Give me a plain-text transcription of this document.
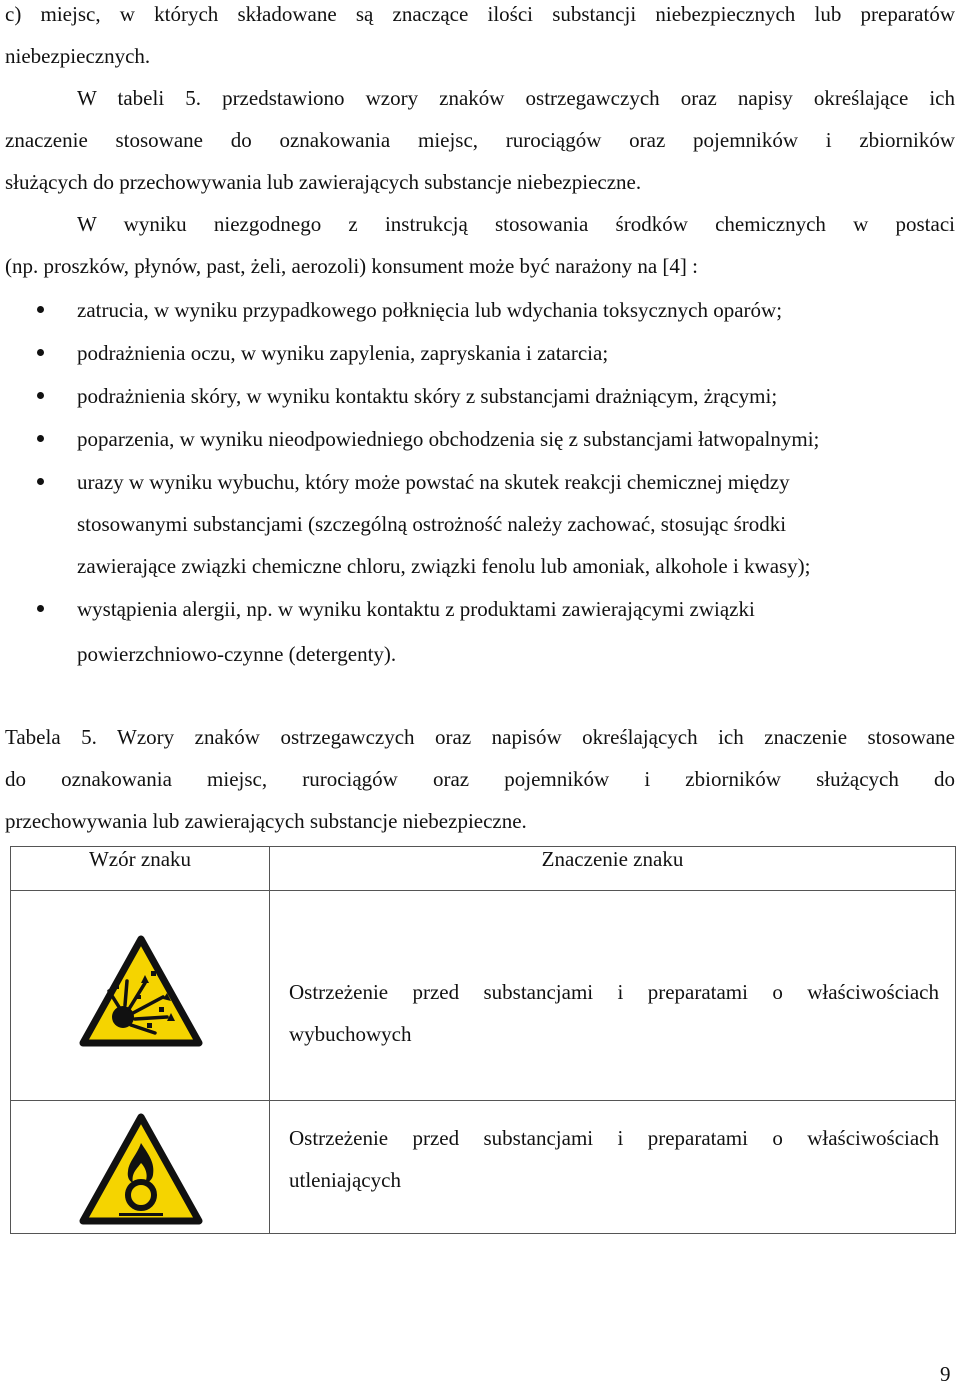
c) miejsc, w których składowane są znaczące ilości substancji niebezpiecznych lub preparatów
niebezpiecznych.
W tabeli 5. przedstawiono wzory znaków ostrzegawczych oraz napisy określające ich
znaczenie stosowane do oznakowania miejsc, rurociągów oraz pojemników i zbiorników
służących do przechowywania lub zawierających substancje niebezpieczne.
W wyniku niezgodnego z instrukcją stosowania środków chemicznych w postaci
(np. proszków, płynów, past, żeli, aerozoli) konsument może być narażony na [4] :
zatrucia, w wyniku przypadkowego połknięcia lub wdychania toksycznych oparów;
podrażnienia oczu, w wyniku zapylenia, zapryskania i zatarcia;
podrażnienia skóry, w wyniku kontaktu skóry z substancjami drażniącym, żrącymi;
poparzenia, w wyniku nieodpowiedniego obchodzenia się z substancjami łatwopalnymi;
urazy w wyniku wybuchu, który może powstać na skutek reakcji chemicznej między
stosowanymi substancjami (szczególną ostrożność należy zachować, stosując środki
zawierające związki chemiczne chloru, związki fenolu lub amoniak, alkohole i kwasy);
wystąpienia alergii, np. w wyniku kontaktu z produktami zawierającymi związki
powierzchniowo-czynne (detergenty).
Tabela 5. Wzory znaków ostrzegawczych oraz napisów określających ich znaczenie stosowane
do oznakowania miejsc, rurociągów oraz pojemników i zbiorników służących do
przechowywania lub zawierających substancje niebezpieczne.
Wzór znaku	Znaczenie znaku

Ostrzeżenie przed substancjami i preparatami o właściwościach wybuchowych

Ostrzeżenie przed substancjami i preparatami o właściwościach utleniających
9
